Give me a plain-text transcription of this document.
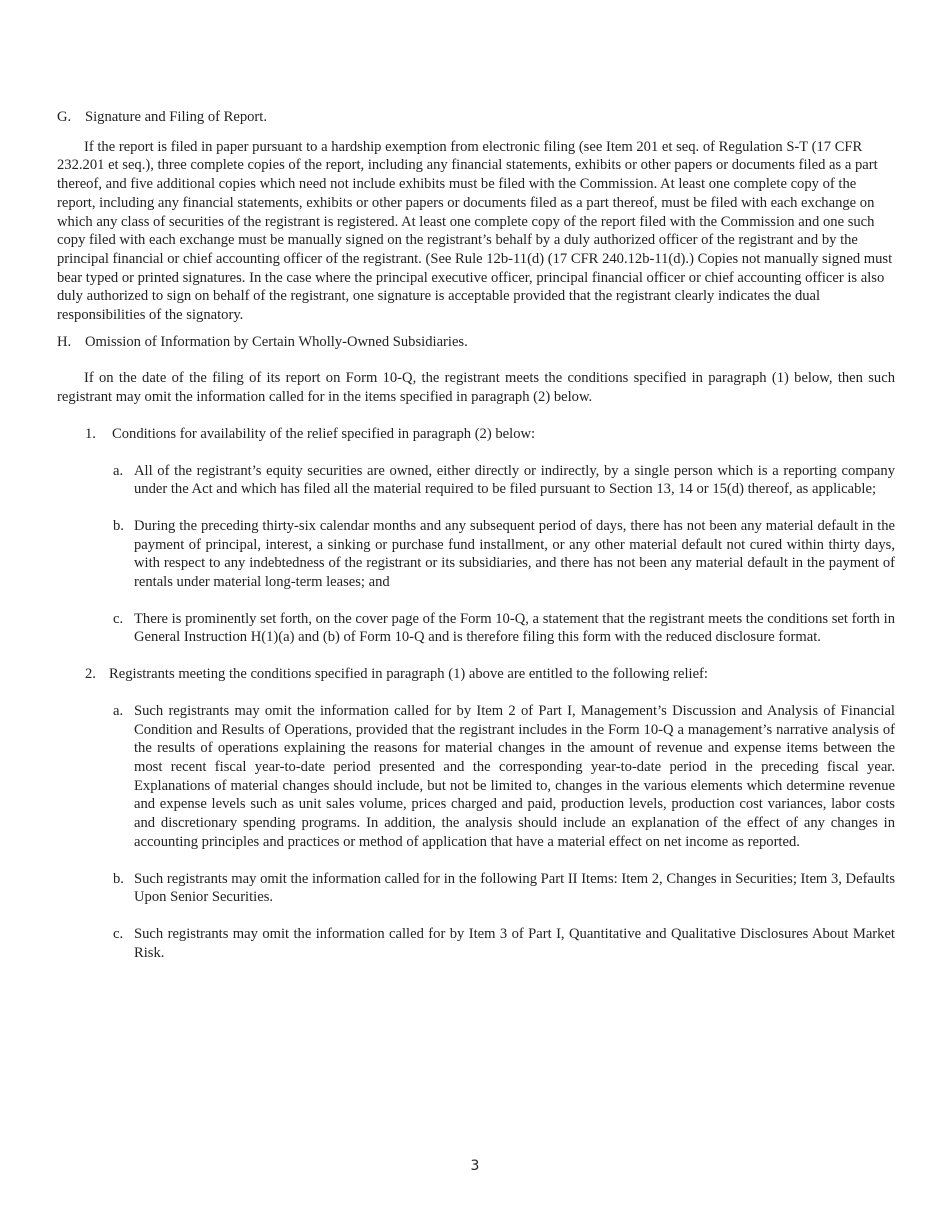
G. Signature and Filing of Report.

If the report is filed in paper pursuant to a hardship exemption from electronic filing (see Item 201 et seq. of Regulation S-T (17 CFR 232.201 et seq.), three complete copies of the report, including any financial statements, exhibits or other papers or documents filed as a part thereof, and five additional copies which need not include exhibits must be filed with the Commission. At least one complete copy of the report, including any financial statements, exhibits or other papers or documents filed as a part thereof, must be filed with each exchange on which any class of securities of the registrant is registered. At least one complete copy of the report filed with the Commission and one such copy filed with each exchange must be manually signed on the registrant’s behalf by a duly authorized officer of the registrant and by the principal financial or chief accounting officer of the registrant. (See Rule 12b-11(d) (17 CFR 240.12b-11(d).) Copies not manually signed must bear typed or printed signatures. In the case where the principal executive officer, principal financial officer or chief accounting officer is also duly authorized to sign on behalf of the registrant, one signature is acceptable provided that the registrant clearly indicates the dual responsibilities of the signatory.

H. Omission of Information by Certain Wholly-Owned Subsidiaries.

If on the date of the filing of its report on Form 10-Q, the registrant meets the conditions specified in paragraph (1) below, then such registrant may omit the information called for in the items specified in paragraph (2) below.

1. Conditions for availability of the relief specified in paragraph (2) below:

a. All of the registrant’s equity securities are owned, either directly or indirectly, by a single person which is a reporting company under the Act and which has filed all the material required to be filed pursuant to Section 13, 14 or 15(d) thereof, as applicable;

b. During the preceding thirty-six calendar months and any subsequent period of days, there has not been any material default in the payment of principal, interest, a sinking or purchase fund installment, or any other material default not cured within thirty days, with respect to any indebtedness of the registrant or its subsidiaries, and there has not been any material default in the payment of rentals under material long-term leases; and

c. There is prominently set forth, on the cover page of the Form 10-Q, a statement that the registrant meets the conditions set forth in General Instruction H(1)(a) and (b) of Form 10-Q and is therefore filing this form with the reduced disclosure format.

2. Registrants meeting the conditions specified in paragraph (1) above are entitled to the following relief:

a. Such registrants may omit the information called for by Item 2 of Part I, Management’s Discussion and Analysis of Financial Condition and Results of Operations, provided that the registrant includes in the Form 10-Q a management’s narrative analysis of the results of operations explaining the reasons for material changes in the amount of revenue and expense items between the most recent fiscal year-to-date period presented and the corresponding year-to-date period in the preceding fiscal year. Explanations of material changes should include, but not be limited to, changes in the various elements which determine revenue and expense levels such as unit sales volume, prices charged and paid, production levels, production cost variances, labor costs and discretionary spending programs. In addition, the analysis should include an explanation of the effect of any changes in accounting principles and practices or method of application that have a material effect on net income as reported.

b. Such registrants may omit the information called for in the following Part II Items: Item 2, Changes in Securities; Item 3, Defaults Upon Senior Securities.

c. Such registrants may omit the information called for by Item 3 of Part I, Quantitative and Qualitative Disclosures About Market Risk.

3
